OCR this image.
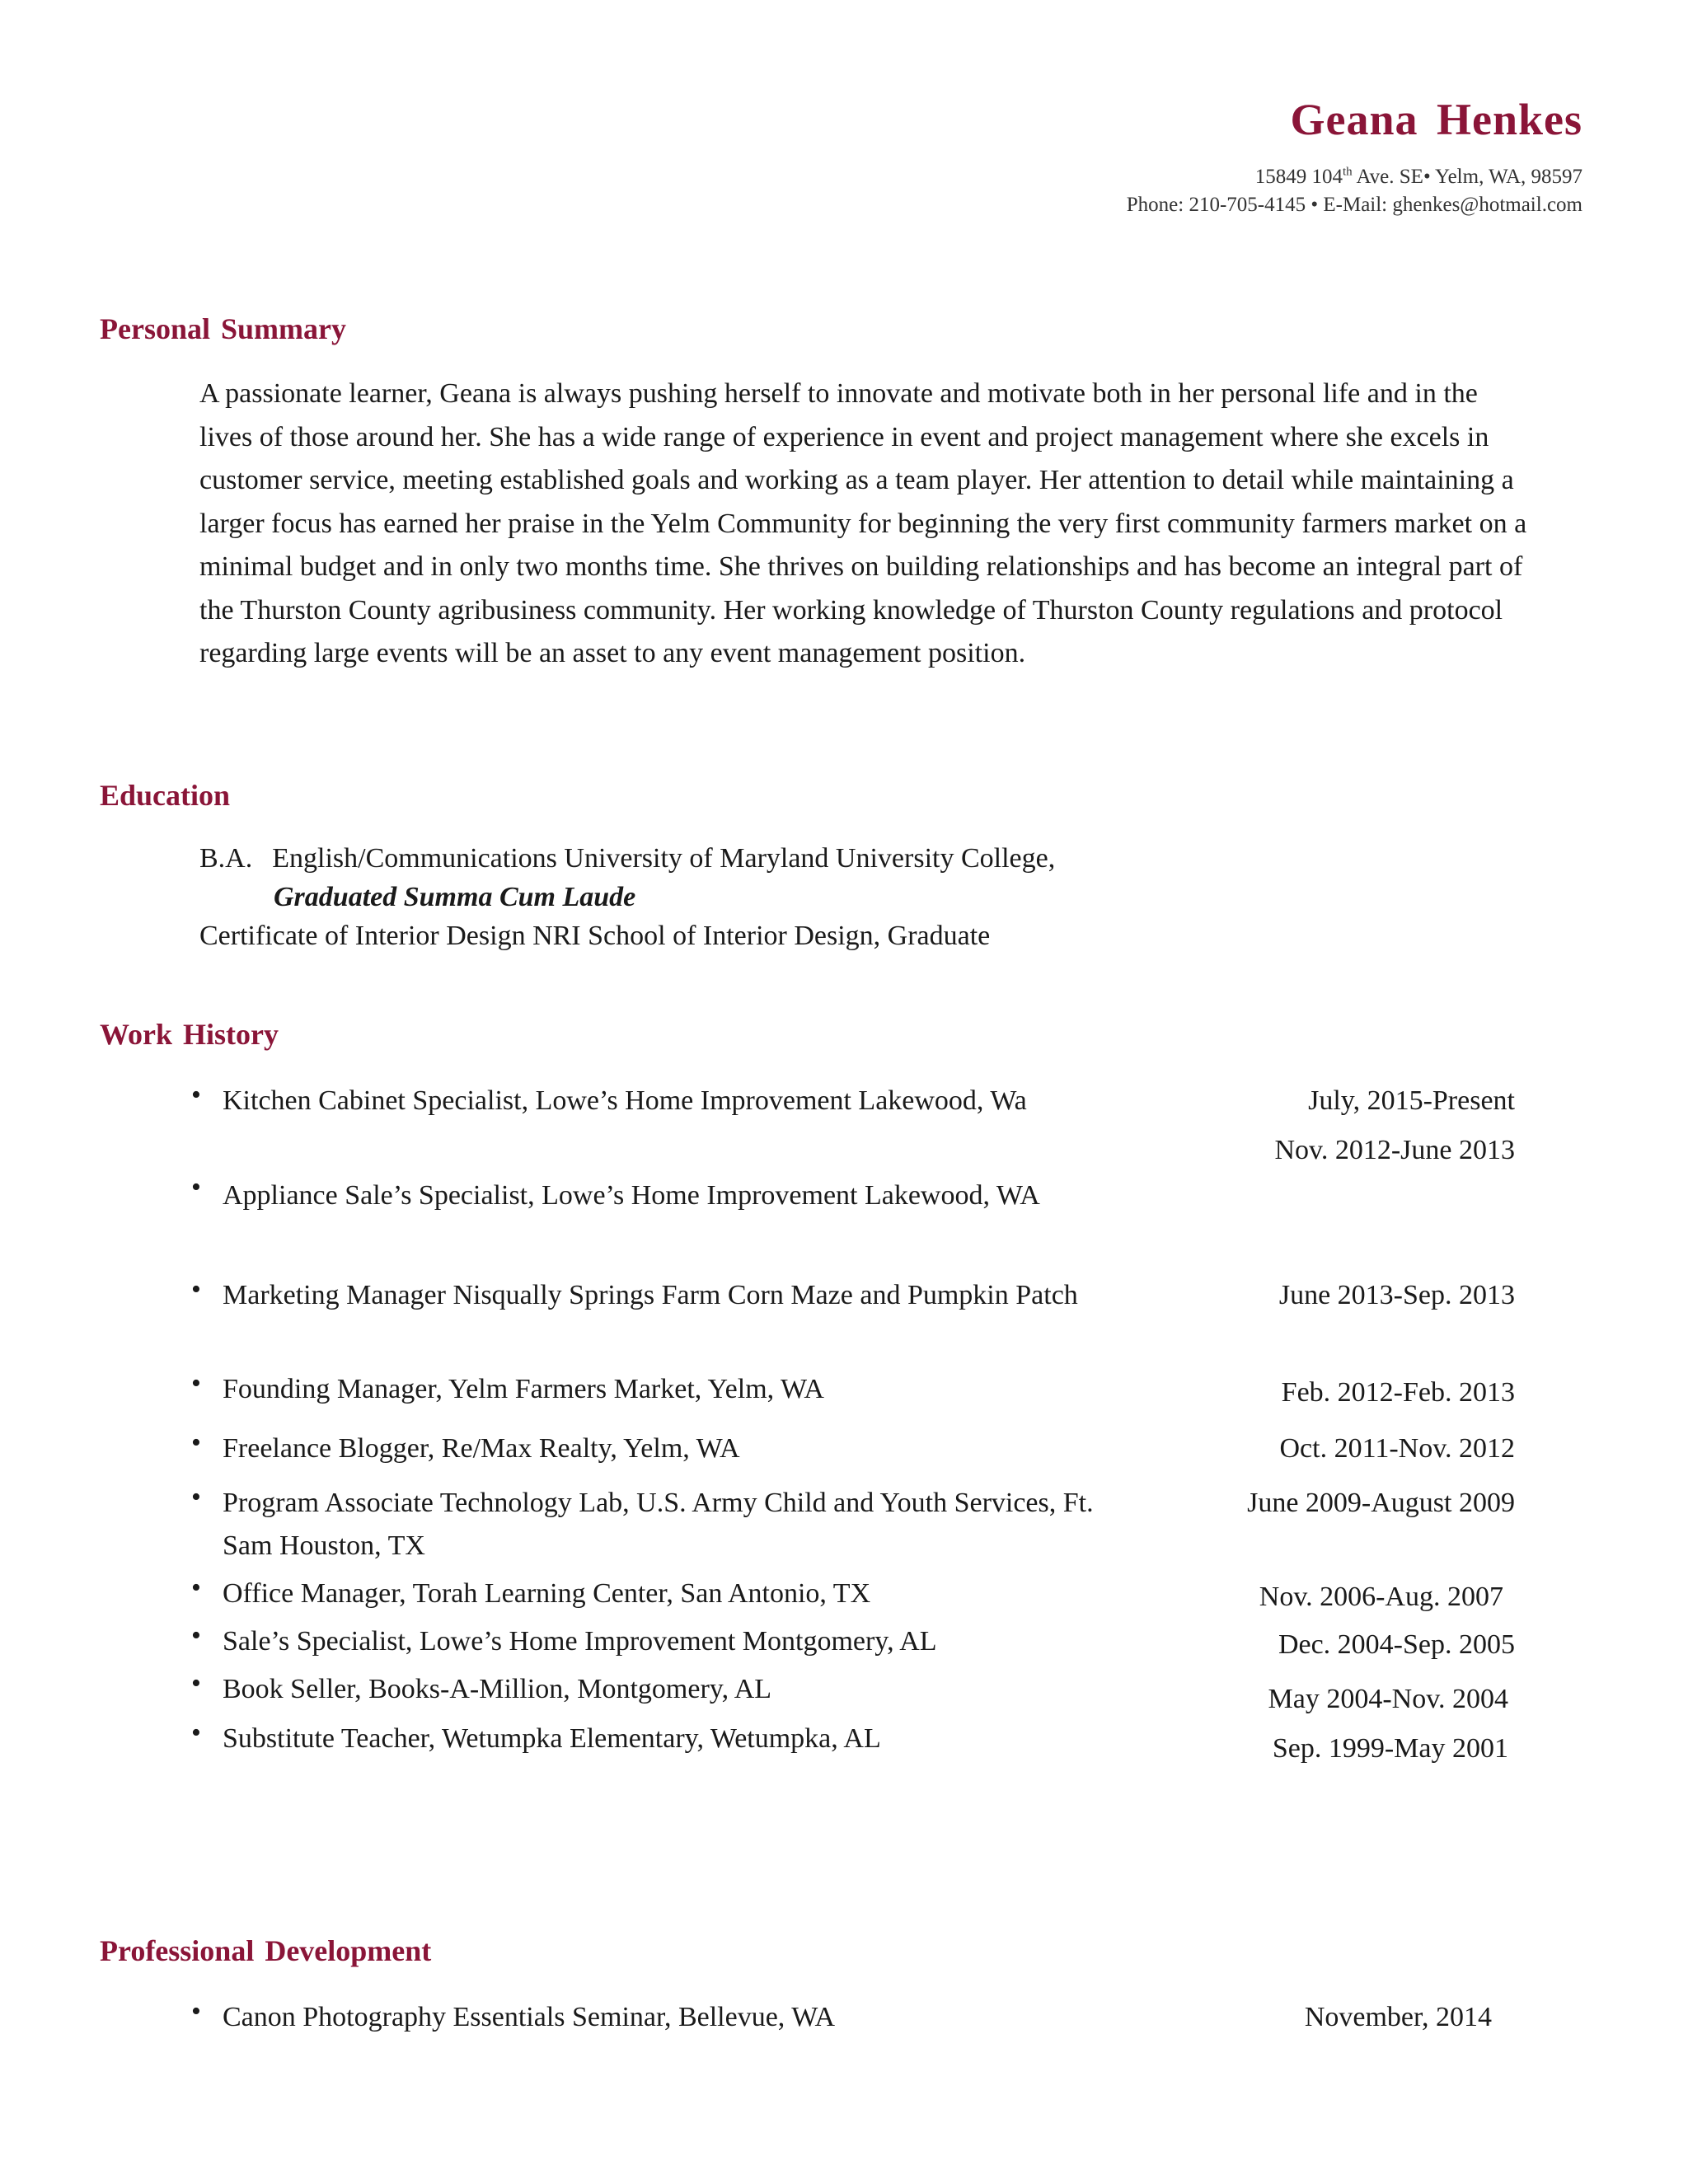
Geana Henkes
15849 104th Ave. SE• Yelm, WA, 98597
Phone: 210-705-4145 • E-Mail: ghenkes@hotmail.com
Personal Summary

A passionate learner, Geana is always pushing herself to innovate and motivate both in her personal life and in the lives of those around her. She has a wide range of experience in event and project management where she excels in customer service, meeting established goals and working as a team player. Her attention to detail while maintaining a larger focus has earned her praise in the Yelm Community for beginning the very first community farmers market on a minimal budget and in only two months time. She thrives on building relationships and has become an integral part of the Thurston County agribusiness community. Her working knowledge of Thurston County regulations and protocol regarding large events will be an asset to any event management position.

Education
B.A. English/Communications University of Maryland University College,
Graduated Summa Cum Laude
Certificate of Interior Design NRI School of Interior Design, Graduate
Work History
• Kitchen Cabinet Specialist, Lowe’s Home Improvement Lakewood, Wa	July, 2015-Present
• Appliance Sale’s Specialist, Lowe’s Home Improvement Lakewood, WA
Nov. 2012-June 2013
• Marketing Manager Nisqually Springs Farm Corn Maze and Pumpkin Patch	June 2013-Sep. 2013
• Founding Manager, Yelm Farmers Market, Yelm, WA	Feb. 2012-Feb. 2013
• Freelance Blogger, Re/Max Realty, Yelm, WA	Oct. 2011-Nov. 2012
• Program Associate Technology Lab, U.S. Army Child and Youth Services, Ft. Sam Houston, TX
June 2009-August 2009
• Office Manager, Torah Learning Center, San Antonio, TX	Nov. 2006-Aug. 2007
• Sale’s Specialist, Lowe’s Home Improvement Montgomery, AL	Dec. 2004-Sep. 2005
• Book Seller, Books-A-Million, Montgomery, AL	May 2004-Nov. 2004
• Substitute Teacher, Wetumpka Elementary, Wetumpka, AL	Sep. 1999-May 2001
Professional Development
• Canon Photography Essentials Seminar, Bellevue, WA	November, 2014
